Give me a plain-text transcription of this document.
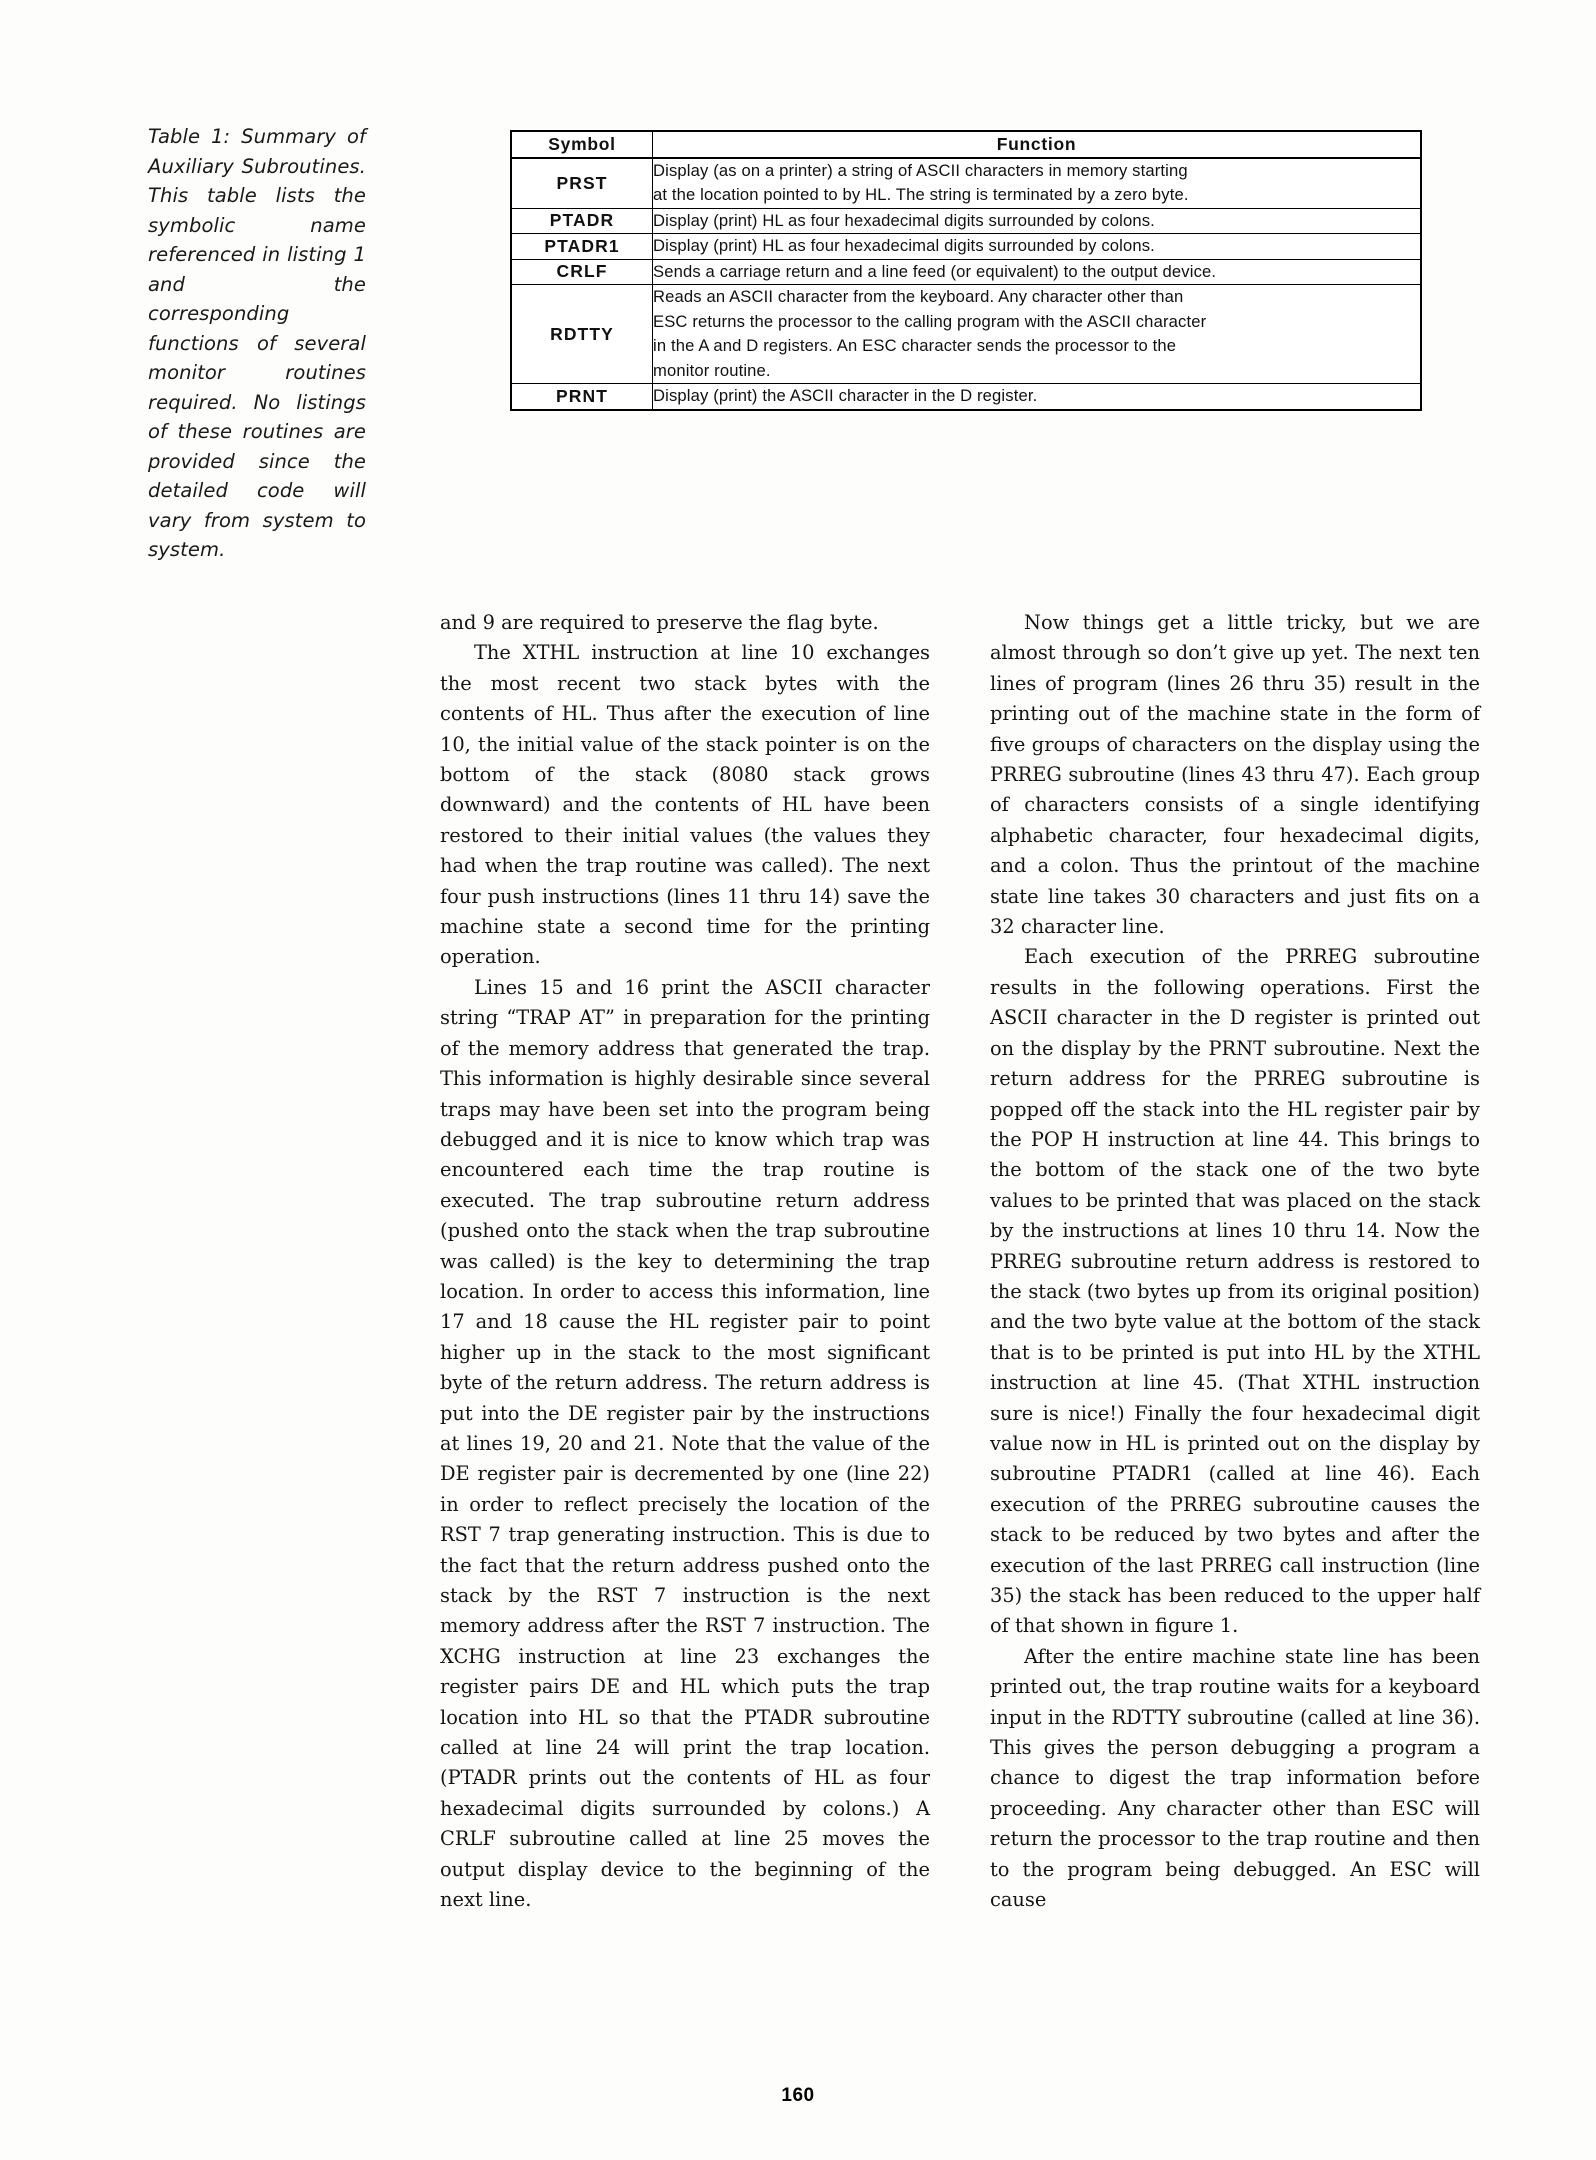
Table 1: Summary of Auxiliary Subroutines. This table lists the symbolic name referenced in listing 1 and the corresponding functions of several monitor routines required. No listings of these routines are provided since the detailed code will vary from system to system.
Symbol	Function
PRST	Display (as on a printer) a string of ASCII characters in memory starting
at the location pointed to by HL. The string is terminated by a zero byte.

PTADR	Display (print) HL as four hexadecimal digits surrounded by colons.

PTADR1	Display (print) HL as four hexadecimal digits surrounded by colons.

CRLF	Sends a carriage return and a line feed (or equivalent) to the output device.

RDTTY	Reads an ASCII character from the keyboard. Any character other than
ESC returns the processor to the calling program with the ASCII character
in the A and D registers. An ESC character sends the processor to the
monitor routine.

PRNT	Display (print) the ASCII character in the D register.

and 9 are required to preserve the flag byte.

The XTHL instruction at line 10 exchanges the most recent two stack bytes with the contents of HL. Thus after the execution of line 10, the initial value of the stack pointer is on the bottom of the stack (8080 stack grows downward) and the contents of HL have been restored to their initial values (the values they had when the trap routine was called). The next four push instructions (lines 11 thru 14) save the machine state a second time for the printing operation.

Lines 15 and 16 print the ASCII character string “TRAP AT” in preparation for the printing of the memory address that generated the trap. This information is highly desirable since several traps may have been set into the program being debugged and it is nice to know which trap was encountered each time the trap routine is executed. The trap subroutine return address (pushed onto the stack when the trap subroutine was called) is the key to determining the trap location. In order to access this information, line 17 and 18 cause the HL register pair to point higher up in the stack to the most significant byte of the return address. The return address is put into the DE register pair by the instructions at lines 19, 20 and 21. Note that the value of the DE register pair is decremented by one (line 22) in order to reflect precisely the location of the RST 7 trap generating instruction. This is due to the fact that the return address pushed onto the stack by the RST 7 instruction is the next memory address after the RST 7 instruction. The XCHG instruction at line 23 exchanges the register pairs DE and HL which puts the trap location into HL so that the PTADR subroutine called at line 24 will print the trap location. (PTADR prints out the contents of HL as four hexadecimal digits surrounded by colons.) A CRLF subroutine called at line 25 moves the output display device to the beginning of the next line.

Now things get a little tricky, but we are almost through so don’t give up yet. The next ten lines of program (lines 26 thru 35) result in the printing out of the machine state in the form of five groups of characters on the display using the PRREG subroutine (lines 43 thru 47). Each group of characters consists of a single identifying alphabetic character, four hexadecimal digits, and a colon. Thus the printout of the machine state line takes 30 characters and just fits on a 32 character line.

Each execution of the PRREG subroutine results in the following operations. First the ASCII character in the D register is printed out on the display by the PRNT subroutine. Next the return address for the PRREG subroutine is popped off the stack into the HL register pair by the POP H instruction at line 44. This brings to the bottom of the stack one of the two byte values to be printed that was placed on the stack by the instructions at lines 10 thru 14. Now the PRREG subroutine return address is restored to the stack (two bytes up from its original position) and the two byte value at the bottom of the stack that is to be printed is put into HL by the XTHL instruction at line 45. (That XTHL instruction sure is nice!) Finally the four hexadecimal digit value now in HL is printed out on the display by subroutine PTADR1 (called at line 46). Each execution of the PRREG subroutine causes the stack to be reduced by two bytes and after the execution of the last PRREG call instruction (line 35) the stack has been reduced to the upper half of that shown in figure 1.

After the entire machine state line has been printed out, the trap routine waits for a keyboard input in the RDTTY subroutine (called at line 36). This gives the person debugging a program a chance to digest the trap information before proceeding. Any character other than ESC will return the processor to the trap routine and then to the program being debugged. An ESC will cause

160
